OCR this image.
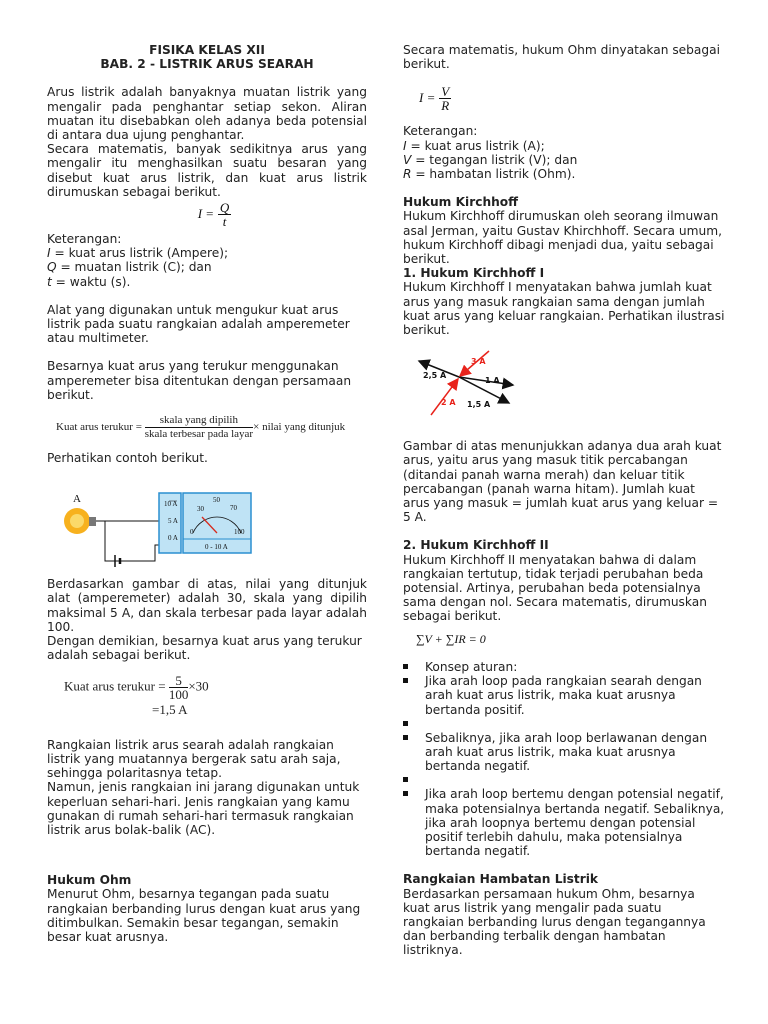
FISIKA KELAS XII

BAB. 2 - LISTRIK ARUS SEARAH

Arus listrik adalah banyaknya muatan listrik yang mengalir pada penghantar setiap sekon. Aliran muatan itu disebabkan oleh adanya beda potensial di antara dua ujung penghantar.

Secara matematis, banyak sedikitnya arus yang mengalir itu menghasilkan suatu besaran yang disebut kuat arus listrik, dan kuat arus listrik dirumuskan sebagai berikut.

$I = \frac{Q}{t}$

Keterangan:

I = kuat arus listrik (Ampere);

Q = muatan listrik (C); dan

t = waktu (s).

Alat yang digunakan untuk mengukur kuat arus listrik pada suatu rangkaian adalah amperemeter atau multimeter.

Besarnya kuat arus yang terukur menggunakan amperemeter bisa ditentukan dengan persamaan berikut.

Kuat arus terukur = $\frac{\text{skala yang dipilih}}{\text{skala terbesar pada layar}}$ × nilai yang ditunjuk

Perhatikan contoh berikut.

A	10 A
5 A
0 A
30
50
70
0	100
0 - 10 A

Berdasarkan gambar di atas, nilai yang ditunjuk alat (amperemeter) adalah 30, skala yang dipilih maksimal 5 A, dan skala terbesar pada layar adalah 100.

Dengan demikian, besarnya kuat arus yang terukur adalah sebagai berikut.

Kuat arus terukur = $\frac{5}{100} \times 30$
=1,5 A

Rangkaian listrik arus searah adalah rangkaian listrik yang muatannya bergerak satu arah saja, sehingga polaritasnya tetap.

Namun, jenis rangkaian ini jarang digunakan untuk keperluan sehari-hari. Jenis rangkaian yang kamu gunakan di rumah sehari-hari termasuk rangkaian listrik arus bolak-balik (AC).

Hukum Ohm

Menurut Ohm, besarnya tegangan pada suatu rangkaian berbanding lurus dengan kuat arus yang ditimbulkan. Semakin besar tegangan, semakin besar kuat arusnya.

Secara matematis, hukum Ohm dinyatakan sebagai berikut.

$I = \frac{V}{R}$

Keterangan:

I = kuat arus listrik (A);

V = tegangan listrik (V); dan

R = hambatan listrik (Ohm).

Hukum Kirchhoff

Hukum Kirchhoff dirumuskan oleh seorang ilmuwan asal Jerman, yaitu Gustav Khirchhoff. Secara umum, hukum Kirchhoff dibagi menjadi dua, yaitu sebagai berikut.

1. Hukum Kirchhoff I

Hukum Kirchhoff I menyatakan bahwa jumlah kuat arus yang masuk rangkaian sama dengan jumlah kuat arus yang keluar rangkaian. Perhatikan ilustrasi berikut.

2,5 A
3 A
1 A
2 A 1,5 A

Gambar di atas menunjukkan adanya dua arah kuat arus, yaitu arus yang masuk titik percabangan (ditandai panah warna merah) dan keluar titik percabangan (panah warna hitam). Jumlah kuat arus yang masuk = jumlah kuat arus yang keluar = 5 A.

2. Hukum Kirchhoff II

Hukum Kirchhoff II menyatakan bahwa di dalam rangkaian tertutup, tidak terjadi perubahan beda potensial. Artinya, perubahan beda potensialnya sama dengan nol. Secara matematis, dirumuskan sebagai berikut.

∑V + ∑IR = 0
Konsep aturan:
Jika arah loop pada rangkaian searah dengan arah kuat arus listrik, maka kuat arusnya bertanda positif.
Sebaliknya, jika arah loop berlawanan dengan arah kuat arus listrik, maka kuat arusnya bertanda negatif.
Jika arah loop bertemu dengan potensial negatif, maka potensialnya bertanda negatif. Sebaliknya, jika arah loopnya bertemu dengan potensial positif terlebih dahulu, maka potensialnya bertanda negatif.

Rangkaian Hambatan Listrik

Berdasarkan persamaan hukum Ohm, besarnya kuat arus listrik yang mengalir pada suatu rangkaian berbanding lurus dengan tegangannya dan berbanding terbalik dengan hambatan listriknya.
